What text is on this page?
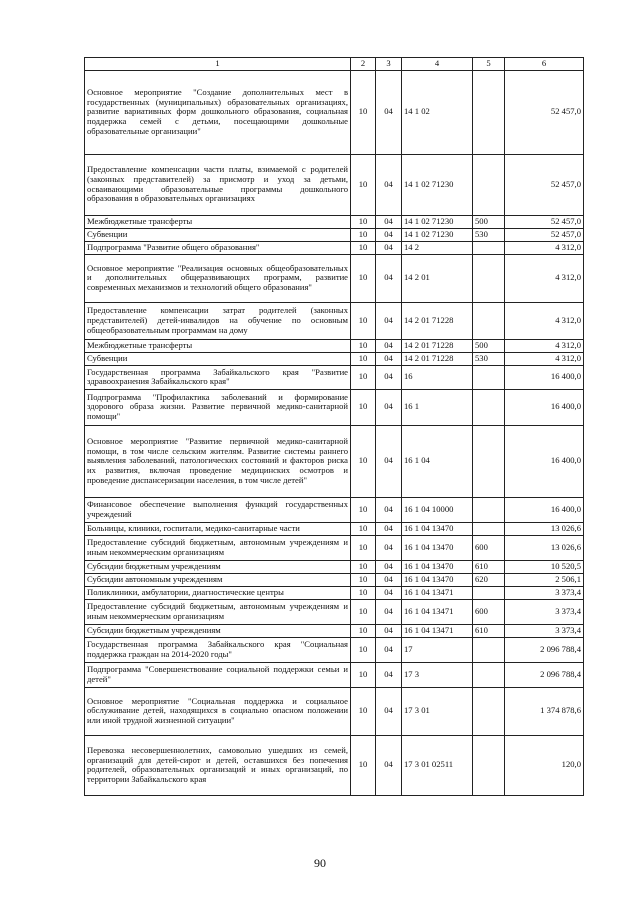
1	2	3	4	5	6
Основное мероприятие "Создание дополнительных мест в государственных (муниципальных) образовательных организациях, развитие вариативных форм дошкольного образования, социальная поддержка семей с детьми, посещающими дошкольные образовательные организации"	10	04	14 1 02		52 457,0
Предоставление компенсации части платы, взимаемой с родителей (законных представителей) за присмотр и уход за детьми, осваивающими образовательные программы дошкольного образования в образовательных организациях	10	04	14 1 02 71230		52 457,0
Межбюджетные трансферты	10	04	14 1 02 71230	500	52 457,0
Субвенции	10	04	14 1 02 71230	530	52 457,0
Подпрограмма "Развитие общего образования"	10	04	14 2		4 312,0
Основное мероприятие "Реализация основных общеобразовательных и дополнительных общеразвивающих программ, развитие современных механизмов и технологий общего образования"	10	04	14 2 01		4 312,0
Предоставление компенсации затрат родителей (законных представителей) детей-инвалидов на обучение по основным общеобразовательным программам на дому	10	04	14 2 01 71228		4 312,0
Межбюджетные трансферты	10	04	14 2 01 71228	500	4 312,0
Субвенции	10	04	14 2 01 71228	530	4 312,0
Государственная программа Забайкальского края "Развитие здравоохранения Забайкальского края"	10	04	16		16 400,0
Подпрограмма "Профилактика заболеваний и формирование здорового образа жизни. Развитие первичной медико-санитарной помощи"	10	04	16 1		16 400,0
Основное мероприятие "Развитие первичной медико-санитарной помощи, в том числе сельским жителям. Развитие системы раннего выявления заболеваний, патологических состояний и факторов риска их развития, включая проведение медицинских осмотров и проведение диспансеризации населения, в том числе детей"	10	04	16 1 04		16 400,0
Финансовое обеспечение выполнения функций государственных учреждений	10	04	16 1 04 10000		16 400,0
Больницы, клиники, госпитали, медико-санитарные части	10	04	16 1 04 13470		13 026,6
Предоставление субсидий бюджетным, автономным учреждениям и иным некоммерческим организациям	10	04	16 1 04 13470	600	13 026,6
Субсидии бюджетным учреждениям	10	04	16 1 04 13470	610	10 520,5
Субсидии автономным учреждениям	10	04	16 1 04 13470	620	2 506,1
Поликлиники, амбулатории, диагностические центры	10	04	16 1 04 13471		3 373,4
Предоставление субсидий бюджетным, автономным учреждениям и иным некоммерческим организациям	10	04	16 1 04 13471	600	3 373,4
Субсидии бюджетным учреждениям	10	04	16 1 04 13471	610	3 373,4
Государственная программа Забайкальского края "Социальная поддержка граждан на 2014-2020 годы"	10	04	17		2 096 788,4
Подпрограмма "Совершенствование социальной поддержки семьи и детей"	10	04	17 3		2 096 788,4
Основное мероприятие "Социальная поддержка и социальное обслуживание детей, находящихся в социально опасном положении или иной трудной жизненной ситуации"	10	04	17 3 01		1 374 878,6
Перевозка несовершеннолетних, самовольно ушедших из семей, организаций для детей-сирот и детей, оставшихся без попечения родителей, образовательных организаций и иных организаций, по территории Забайкальского края	10	04	17 3 01 02511		120,0
90
